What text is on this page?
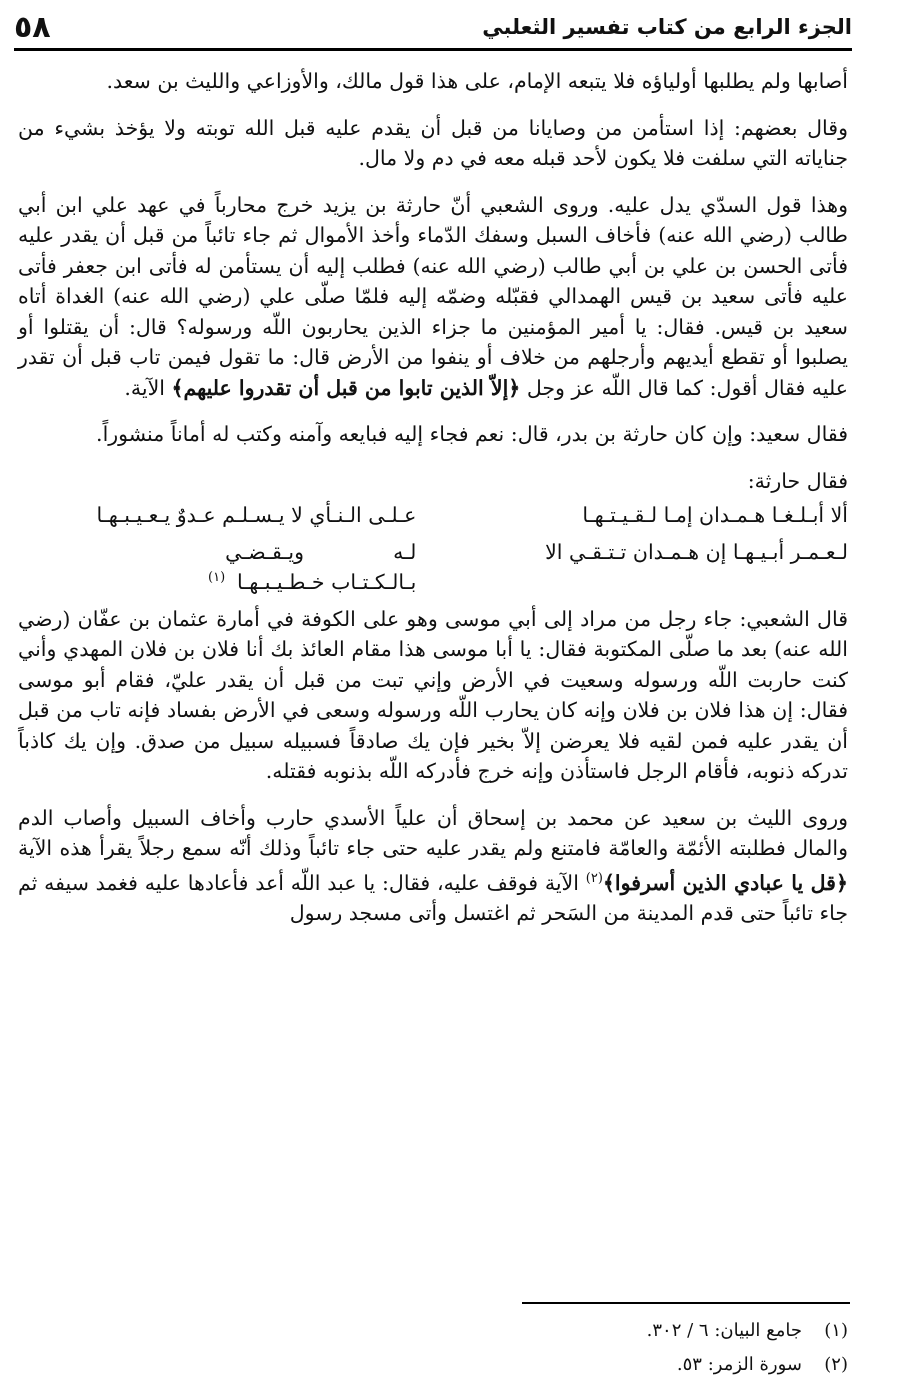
الجزء الرابع من كتاب تفسير الثعلبي
٥٨

أصابها ولم يطلبها أولياؤه فلا يتبعه الإمام، على هذا قول مالك، والأوزاعي والليث بن سعد.

وقال بعضهم: إذا استأمن من وصايانا من قبل أن يقدم عليه قبل الله توبته ولا يؤخذ بشيء من جناياته التي سلفت فلا يكون لأحد قبله معه في دم ولا مال.

وهذا قول السدّي يدل عليه. وروى الشعبي أنّ حارثة بن يزيد خرج محارباً في عهد علي ابن أبي طالب (رضي الله عنه) فأخاف السبل وسفك الدّماء وأخذ الأموال ثم جاء تائباً من قبل أن يقدر عليه فأتى الحسن بن علي بن أبي طالب (رضي الله عنه) فطلب إليه أن يستأمن له فأتى ابن جعفر فأتى عليه فأتى سعيد بن قيس الهمدالي فقبّله وضمّه إليه فلمّا صلّى علي (رضي الله عنه) الغداة أتاه سعيد بن قيس. فقال: يا أمير المؤمنين ما جزاء الذين يحاربون اللّه ورسوله؟ قال: أن يقتلوا أو يصلبوا أو تقطع أيديهم وأرجلهم من خلاف أو ينفوا من الأرض قال: ما تقول فيمن تاب قبل أن تقدر عليه فقال أقول: كما قال اللّه عز وجل ﴿إلاّ الذين تابوا من قبل أن تقدروا عليهم﴾ الآية.

فقال سعيد: وإن كان حارثة بن بدر، قال: نعم فجاء إليه فبايعه وآمنه وكتب له أماناً منشوراً.

فقال حارثة:

ألا أبـلـغـا هـمـدان إمـا لـقـيـتـهـا
عـلـى الـنـأي لا يـسـلـم عـدوٌ يـعـيـبـهـا
لـعـمـر أبـيـهـا إن هـمـدان تـتـقـي الا
لـه ويـقـضـي بـالـكـتـاب خـطـيـبـهـا(١)

قال الشعبي: جاء رجل من مراد إلى أبي موسى وهو على الكوفة في أمارة عثمان بن عفّان (رضي الله عنه) بعد ما صلّى المكتوبة فقال: يا أبا موسى هذا مقام العائذ بك أنا فلان بن فلان المهدي وأني كنت حاربت اللّه ورسوله وسعيت في الأرض وإني تبت من قبل أن يقدر عليّ، فقام أبو موسى فقال: إن هذا فلان بن فلان وإنه كان يحارب اللّه ورسوله وسعى في الأرض بفساد فإنه تاب من قبل أن يقدر عليه فمن لقيه فلا يعرضن إلاّ بخير فإن يك صادقاً فسبيله سبيل من صدق. وإن يك كاذباً تدركه ذنوبه، فأقام الرجل فاستأذن وإنه خرج فأدركه اللّه بذنوبه فقتله.

وروى الليث بن سعيد عن محمد بن إسحاق أن علياً الأسدي حارب وأخاف السبيل وأصاب الدم والمال فطلبته الأئمّة والعامّة فامتنع ولم يقدر عليه حتى جاء تائباً وذلك أنّه سمع رجلاً يقرأ هذه الآية ﴿قل يا عبادي الذين أسرفوا﴾$^{(٢)}$ الآية فوقف عليه، فقال: يا عبد اللّه أعد فأعادها عليه فغمد سيفه ثم جاء تائباً حتى قدم المدينة من السَحر ثم اغتسل وأتى مسجد رسول

(١)
جامع البيان: ٦ / ٣٠٢.
(٢)
سورة الزمر: ٥٣.
